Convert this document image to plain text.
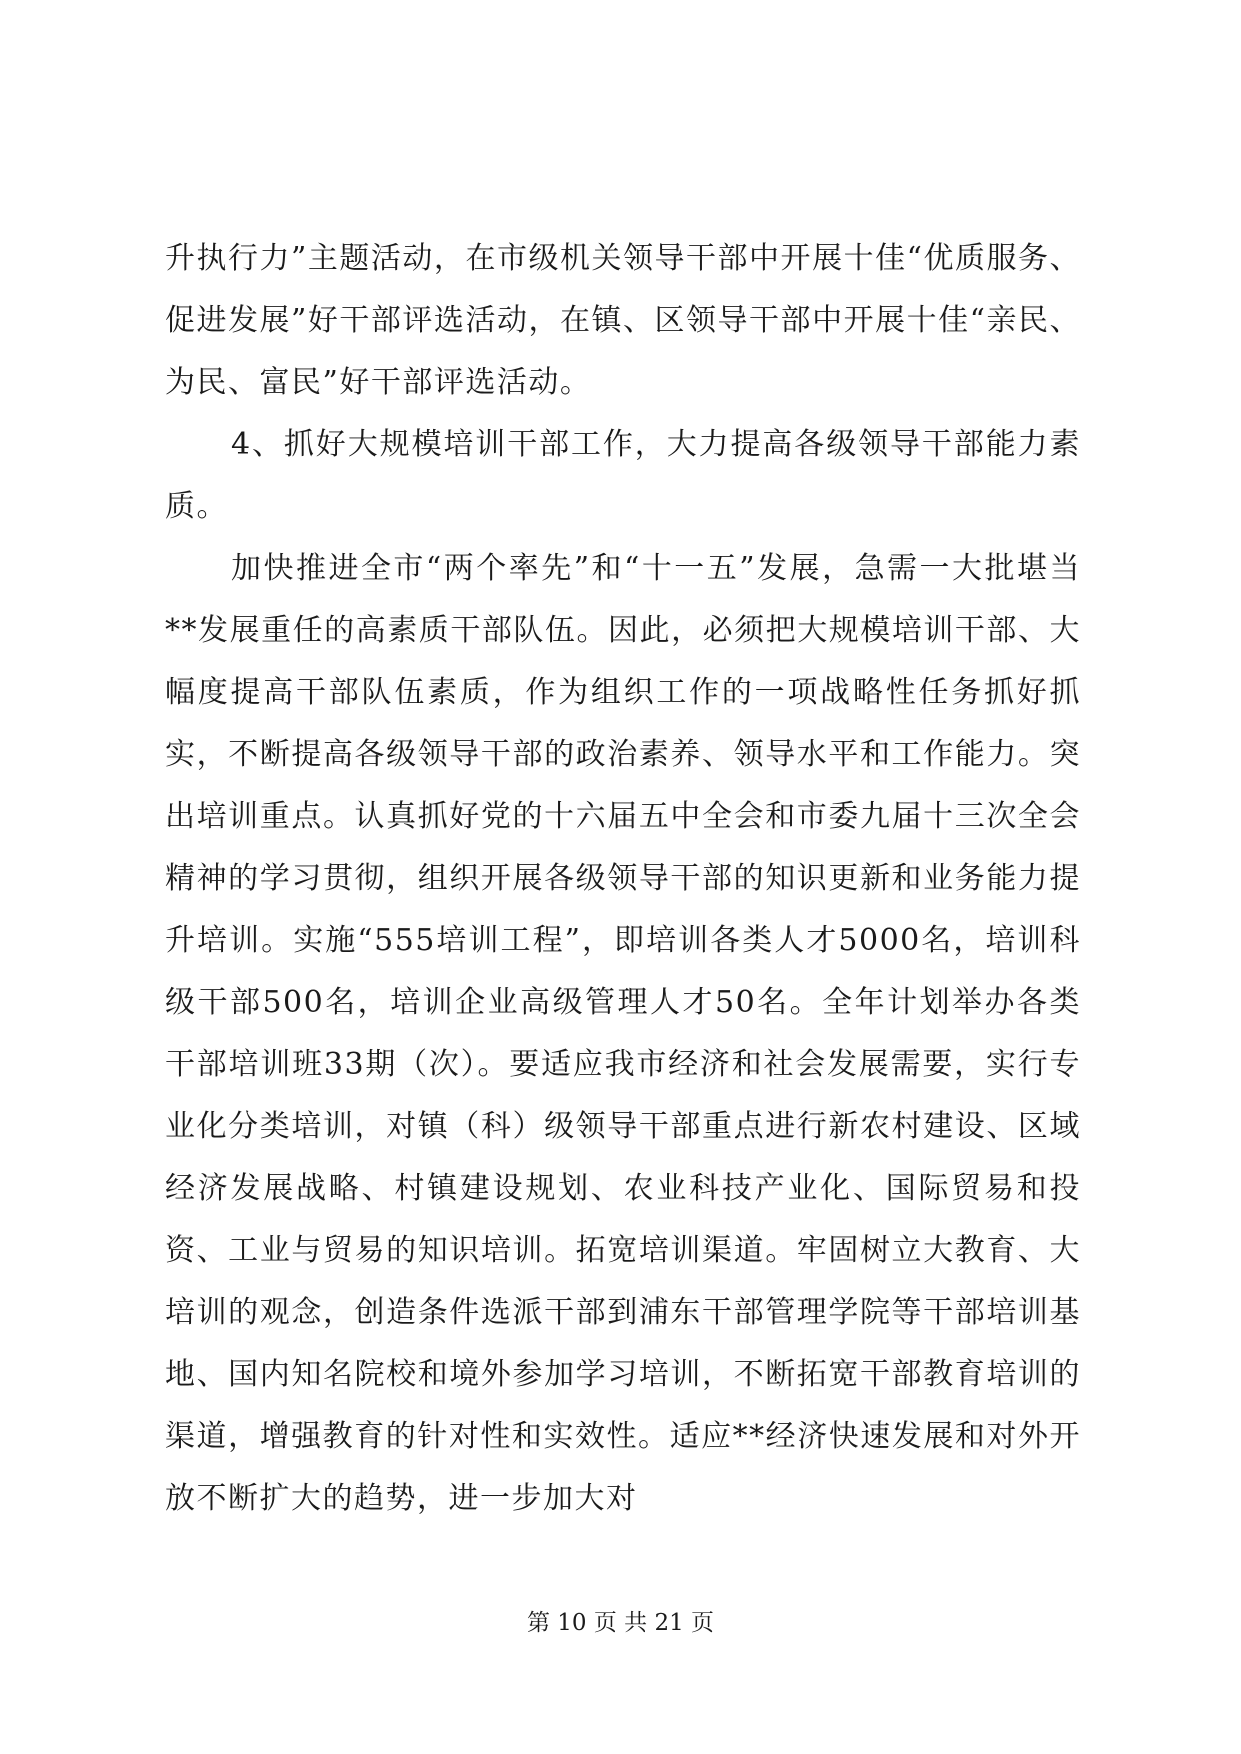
升执行力”主题活动，在市级机关领导干部中开展十佳“优质服务、促进发展”好干部评选活动，在镇、区领导干部中开展十佳“亲民、为民、富民”好干部评选活动。

4、抓好大规模培训干部工作，大力提高各级领导干部能力素质。

加快推进全市“两个率先”和“十一五”发展，急需一大批堪当**发展重任的高素质干部队伍。因此，必须把大规模培训干部、大幅度提高干部队伍素质，作为组织工作的一项战略性任务抓好抓实，不断提高各级领导干部的政治素养、领导水平和工作能力。突出培训重点。认真抓好党的十六届五中全会和市委九届十三次全会精神的学习贯彻，组织开展各级领导干部的知识更新和业务能力提升培训。实施“555培训工程”，即培训各类人才5000名，培训科级干部500名，培训企业高级管理人才50名。全年计划举办各类干部培训班33期（次）。要适应我市经济和社会发展需要，实行专业化分类培训，对镇（科）级领导干部重点进行新农村建设、区域经济发展战略、村镇建设规划、农业科技产业化、国际贸易和投资、工业与贸易的知识培训。拓宽培训渠道。牢固树立大教育、大培训的观念，创造条件选派干部到浦东干部管理学院等干部培训基地、国内知名院校和境外参加学习培训，不断拓宽干部教育培训的渠道，增强教育的针对性和实效性。适应**经济快速发展和对外开放不断扩大的趋势，进一步加大对

第 10 页 共 21 页
